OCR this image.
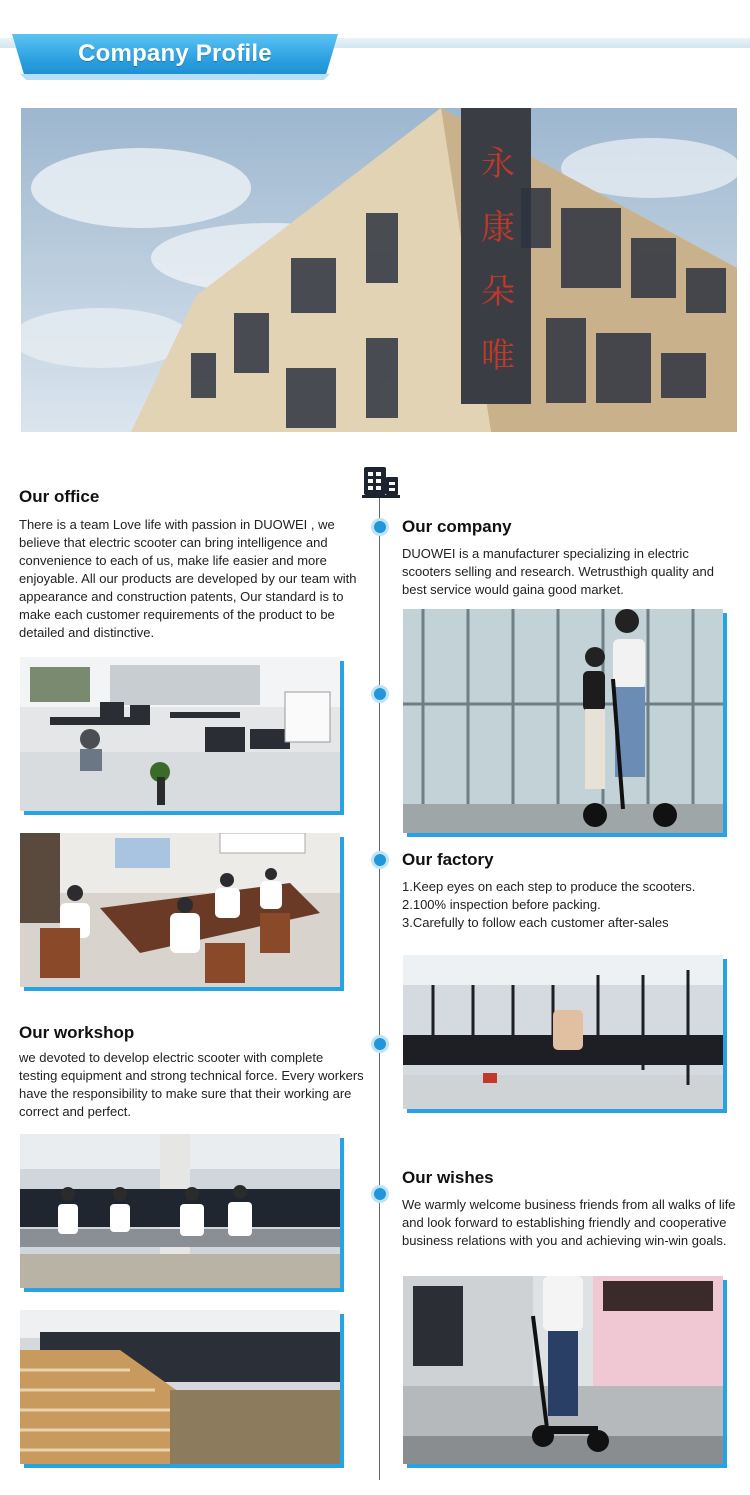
Company Profile
永
康
朵
唯
Our office

There is a team Love life with passion in DUOWEI , we believe that electric scooter can bring intelligence and convenience to each of us, make life easier and more enjoyable. All our products are developed by our team with appearance and construction patents, Our standard is to make each customer requirements of the product to be detailed and distinctive.

Our workshop

we devoted to develop electric scooter with complete testing equipment and strong technical force. Every workers have the responsibility to make sure that their working are correct and perfect.

Our company

DUOWEI is a manufacturer specializing in electric scooters selling and research. Wetrusthigh quality and best service would gaina good market.

Our factory
1.Keep eyes on each step to produce the scooters.
2.100% inspection before packing.
3.Carefully to follow each customer after-sales
Our wishes

We warmly welcome business friends from all walks of life and look forward to establishing friendly and cooperative business relations with you and achieving win-win goals.
